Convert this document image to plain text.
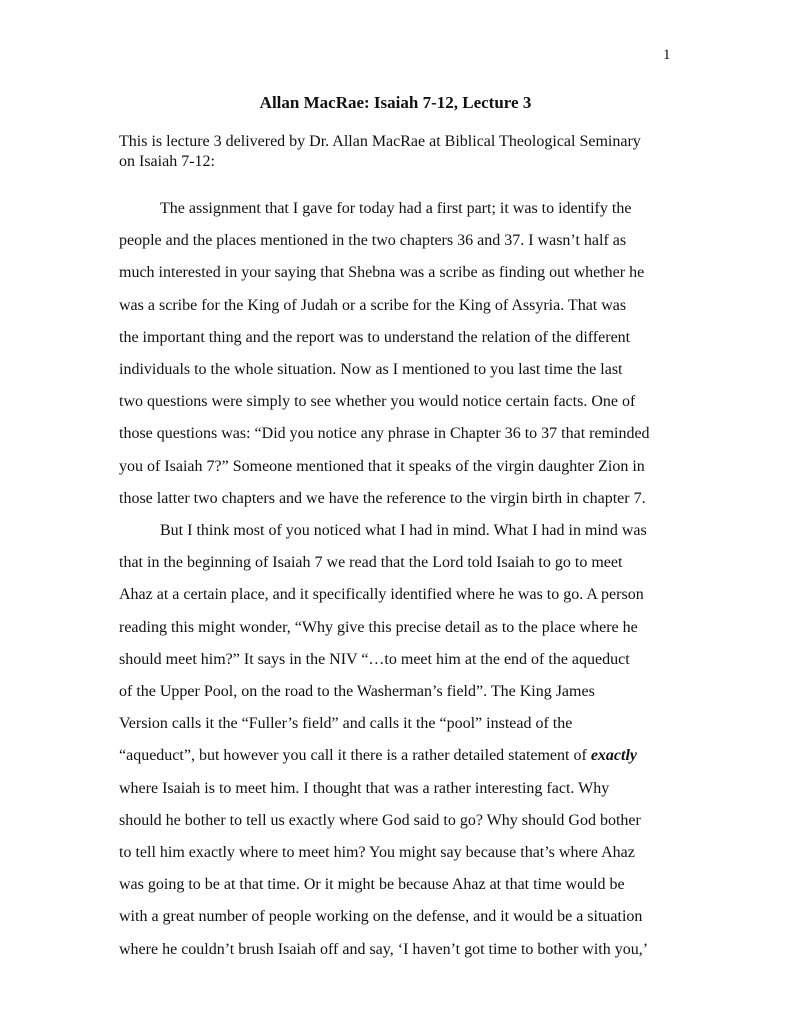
1
Allan MacRae: Isaiah 7-12, Lecture 3
This is lecture 3 delivered by Dr. Allan MacRae at Biblical Theological Seminary
on Isaiah 7-12:
The assignment that I gave for today had a first part; it was to identify the
people and the places mentioned in the two chapters 36 and 37. I wasn’t half as
much interested in your saying that Shebna was a scribe as finding out whether he
was a scribe for the King of Judah or a scribe for the King of Assyria. That was
the important thing and the report was to understand the relation of the different
individuals to the whole situation. Now as I mentioned to you last time the last
two questions were simply to see whether you would notice certain facts. One of
those questions was: “Did you notice any phrase in Chapter 36 to 37 that reminded
you of Isaiah 7?” Someone mentioned that it speaks of the virgin daughter Zion in
those latter two chapters and we have the reference to the virgin birth in chapter 7.
But I think most of you noticed what I had in mind. What I had in mind was
that in the beginning of Isaiah 7 we read that the Lord told Isaiah to go to meet
Ahaz at a certain place, and it specifically identified where he was to go. A person
reading this might wonder, “Why give this precise detail as to the place where he
should meet him?” It says in the NIV “…to meet him at the end of the aqueduct
of the Upper Pool, on the road to the Washerman’s field”. The King James
Version calls it the “Fuller’s field” and calls it the “pool” instead of the
“aqueduct”, but however you call it there is a rather detailed statement of exactly
where Isaiah is to meet him. I thought that was a rather interesting fact. Why
should he bother to tell us exactly where God said to go? Why should God bother
to tell him exactly where to meet him? You might say because that’s where Ahaz
was going to be at that time. Or it might be because Ahaz at that time would be
with a great number of people working on the defense, and it would be a situation
where he couldn’t brush Isaiah off and say, ‘I haven’t got time to bother with you,’
